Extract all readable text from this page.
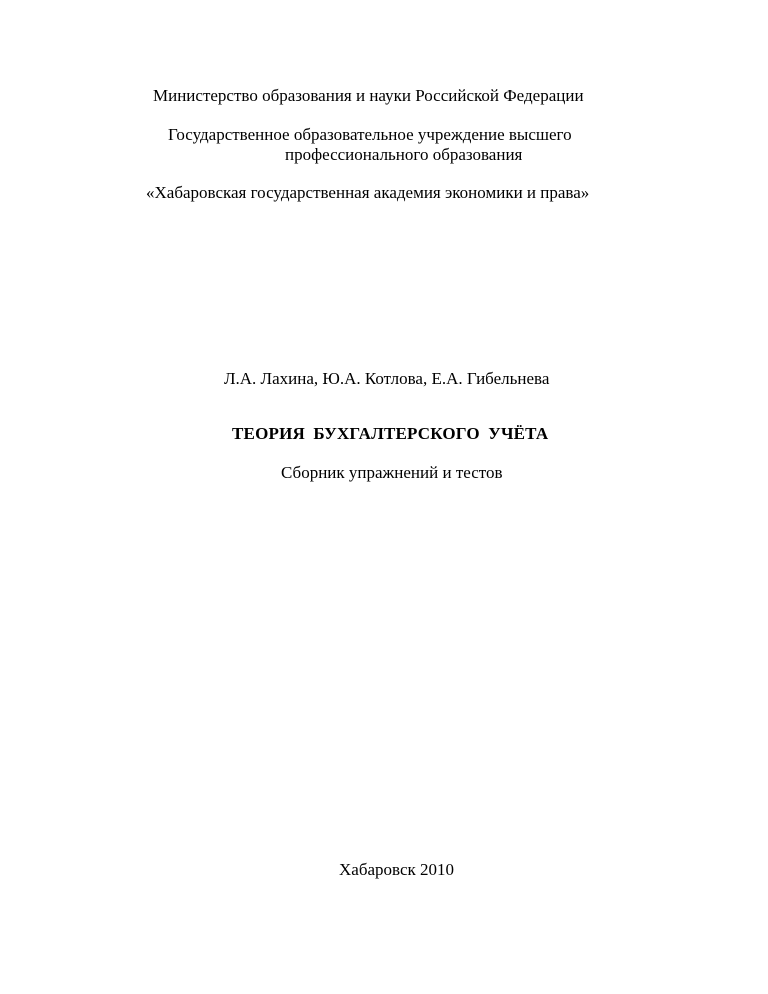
Министерство образования и науки Российской Федерации
Государственное образовательное учреждение высшего
профессионального образования
«Хабаровская государственная академия экономики и права»
Л.А. Лахина, Ю.А. Котлова, Е.А. Гибельнева
ТЕОРИЯ БУХГАЛТЕРСКОГО УЧЁТА
Сборник упражнений и тестов
Хабаровск 2010
